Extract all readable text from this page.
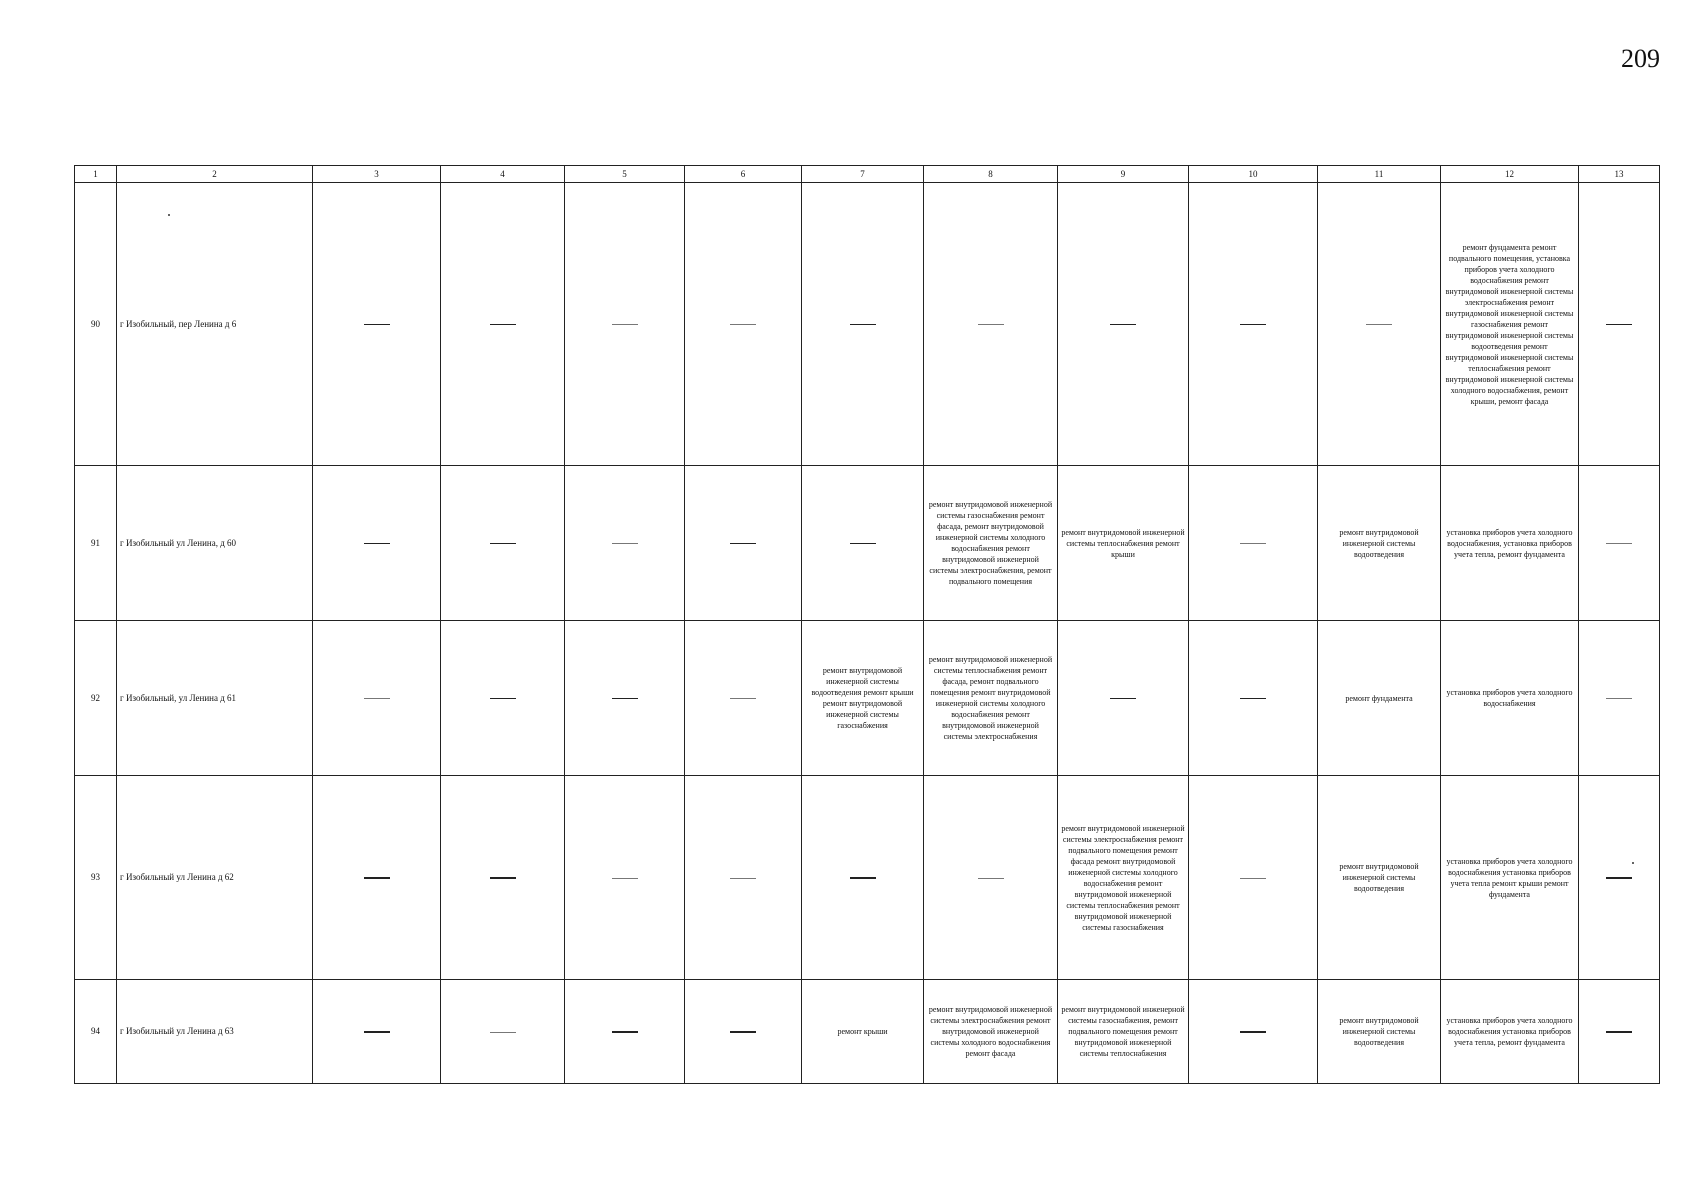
209
1	2	3	4	5	6	7	8	9	10	11	12	13
90	г Изобильный, пер Ленина д 6										ремонт фундамента ремонт подвального помещения, установка приборов учета холодного водоснабжения ремонт внутридомовой инженерной системы электроснабжения ремонт внутридомовой инженерной системы газоснабжения ремонт внутридомовой инженерной системы водоотведения ремонт внутридомовой инженерной системы теплоснабжения ремонт внутридомовой инженерной системы холодного водоснабжения, ремонт крыши, ремонт фасада	
91	г Изобильный ул Ленина, д 60						ремонт внутридомовой инженерной системы газоснабжения ремонт фасада, ремонт внутридомовой инженерной системы холодного водоснабжения ремонт внутридомовой инженерной системы электроснабжения, ремонт подвального помещения	ремонт внутридомовой инженерной системы теплоснабжения ремонт крыши		ремонт внутридомовой инженерной системы водоотведения	установка приборов учета холодного водоснабжения, установка приборов учета тепла, ремонт фундамента	
92	г Изобильный, ул Ленина д 61					ремонт внутридомовой инженерной системы водоотведения ремонт крыши ремонт внутридомовой инженерной системы газоснабжения	ремонт внутридомовой инженерной системы теплоснабжения ремонт фасада, ремонт подвального помещения ремонт внутридомовой инженерной системы холодного водоснабжения ремонт внутридомовой инженерной системы электроснабжения			ремонт фундамента	установка приборов учета холодного водоснабжения	
93	г Изобильный ул Ленина д 62							ремонт внутридомовой инженерной системы электроснабжения ремонт подвального помещения ремонт фасада ремонт внутридомовой инженерной системы холодного водоснабжения ремонт внутридомовой инженерной системы теплоснабжения ремонт внутридомовой инженерной системы газоснабжения		ремонт внутридомовой инженерной системы водоотведения	установка приборов учета холодного водоснабжения установка приборов учета тепла ремонт крыши ремонт фундамента	
94	г Изобильный ул Ленина д 63					ремонт крыши	ремонт внутридомовой инженерной системы электроснабжения ремонт внутридомовой инженерной системы холодного водоснабжения ремонт фасада	ремонт внутридомовой инженерной системы газоснабжения, ремонт подвального помещения ремонт внутридомовой инженерной системы теплоснабжения		ремонт внутридомовой инженерной системы водоотведения	установка приборов учета холодного водоснабжения установка приборов учета тепла, ремонт фундамента	
